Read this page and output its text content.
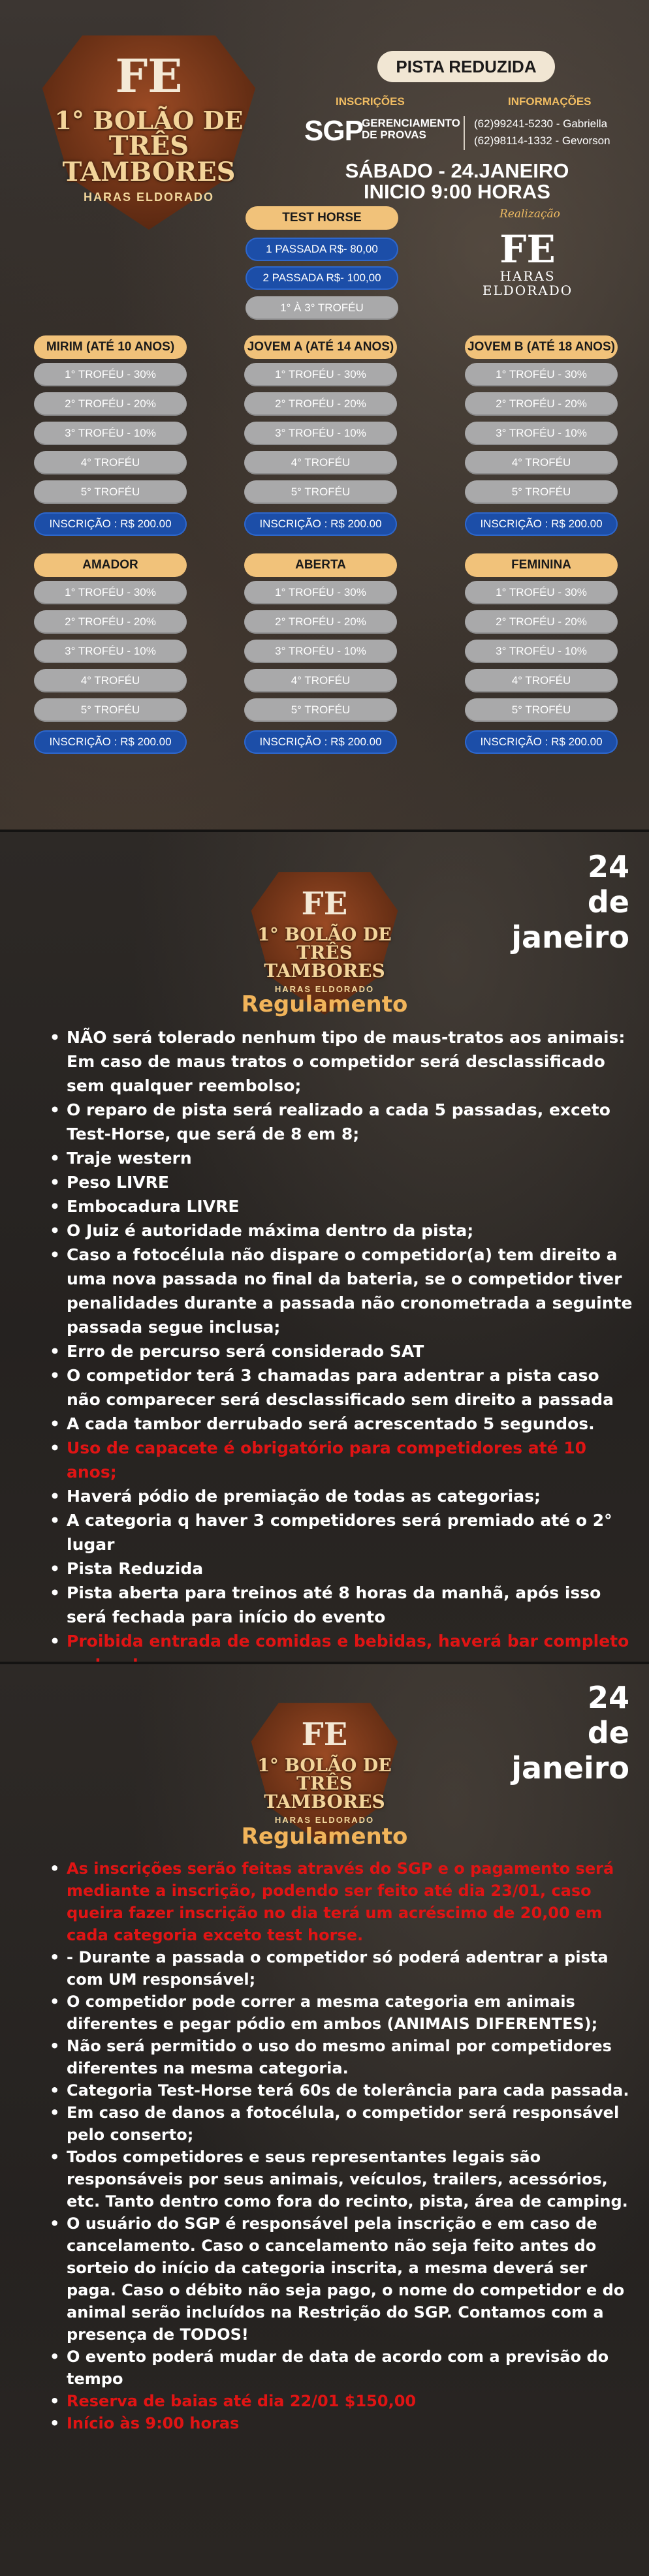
FE
1° BOLÃO DE
TRÊS TAMBORES
HARAS ELDORADO
PISTA REDUZIDA
INSCRIÇÕES	INFORMAÇÕES
SGP
GERENCIAMENTO
DE PROVAS
(62)99241-5230 - Gabriella
(62)98114-1332 - Gevorson
SÁBADO - 24.JANEIRO
INICIO 9:00 HORAS
TEST HORSE
1 PASSADA R$- 80,00
2 PASSADA R$- 100,00
1° À 3° TROFÉU
Realização
FE
HARAS
ELDORADO
MIRIM (ATÉ 10 ANOS)
1° TROFÉU - 30%
2° TROFÉU - 20%
3° TROFÉU - 10%
4° TROFÉU
5° TROFÉU
INSCRIÇÃO : R$ 200.00
JOVEM A (ATÉ 14 ANOS)
1° TROFÉU - 30%
2° TROFÉU - 20%
3° TROFÉU - 10%
4° TROFÉU
5° TROFÉU
INSCRIÇÃO : R$ 200.00
JOVEM B (ATÉ 18 ANOS)
1° TROFÉU - 30%
2° TROFÉU - 20%
3° TROFÉU - 10%
4° TROFÉU
5° TROFÉU
INSCRIÇÃO : R$ 200.00
AMADOR
1° TROFÉU - 30%
2° TROFÉU - 20%
3° TROFÉU - 10%
4° TROFÉU
5° TROFÉU
INSCRIÇÃO : R$ 200.00
ABERTA
1° TROFÉU - 30%
2° TROFÉU - 20%
3° TROFÉU - 10%
4° TROFÉU
5° TROFÉU
INSCRIÇÃO : R$ 200.00
FEMININA
1° TROFÉU - 30%
2° TROFÉU - 20%
3° TROFÉU - 10%
4° TROFÉU
5° TROFÉU
INSCRIÇÃO : R$ 200.00
FE
1° BOLÃO DE
TRÊS TAMBORES
HARAS ELDORADO
24
de
janeiro
Regulamento
• NÃO será tolerado nenhum tipo de maus-tratos aos animais: Em caso de maus tratos o competidor será desclassificado sem qualquer reembolso;
• O reparo de pista será realizado a cada 5 passadas, exceto Test-Horse, que será de 8 em 8;
• Traje western
• Peso LIVRE
• Embocadura LIVRE
• O Juiz é autoridade máxima dentro da pista;
• Caso a fotocélula não dispare o competidor(a) tem direito a uma nova passada no final da bateria, se o competidor tiver penalidades durante a passada não cronometrada a seguinte passada segue inclusa;
• Erro de percurso será considerado SAT
• O competidor terá 3 chamadas para adentrar a pista caso não comparecer será desclassificado sem direito a passada
• A cada tambor derrubado será acrescentado 5 segundos.
• Uso de capacete é obrigatório para competidores até 10 anos;
• Haverá pódio de premiação de todas as categorias;
• A categoria q haver 3 competidores será premiado até o 2° lugar
• Pista Reduzida
• Pista aberta para treinos até 8 horas da manhã, após isso será fechada para início do evento
• Proibida entrada de comidas e bebidas, haverá bar completo
FE
1° BOLÃO DE
TRÊS TAMBORES
HARAS ELDORADO
24
de
janeiro
Regulamento
• As inscrições serão feitas através do SGP e o pagamento será mediante a inscrição, podendo ser feito até dia 23/01, caso queira fazer inscrição no dia terá um acréscimo de 20,00 em cada categoria exceto test horse.
• - Durante a passada o competidor só poderá adentrar a pista com UM responsável;
• O competidor pode correr a mesma categoria em animais diferentes e pegar pódio em ambos (ANIMAIS DIFERENTES);
• Não será permitido o uso do mesmo animal por competidores diferentes na mesma categoria.
• Categoria Test-Horse terá 60s de tolerância para cada passada.
• Em caso de danos a fotocélula, o competidor será responsável pelo conserto;
• Todos competidores e seus representantes legais são responsáveis por seus animais, veículos, trailers, acessórios, etc. Tanto dentro como fora do recinto, pista, área de camping.
• O usuário do SGP é responsável pela inscrição e em caso de cancelamento. Caso o cancelamento não seja feito antes do sorteio do início da categoria inscrita, a mesma deverá ser paga. Caso o débito não seja pago, o nome do competidor e do animal serão incluídos na Restrição do SGP. Contamos com a presença de TODOS!
• O evento poderá mudar de data de acordo com a previsão do tempo
• Reserva de baias até dia 22/01 $150,00
• Início às 9:00 horas
